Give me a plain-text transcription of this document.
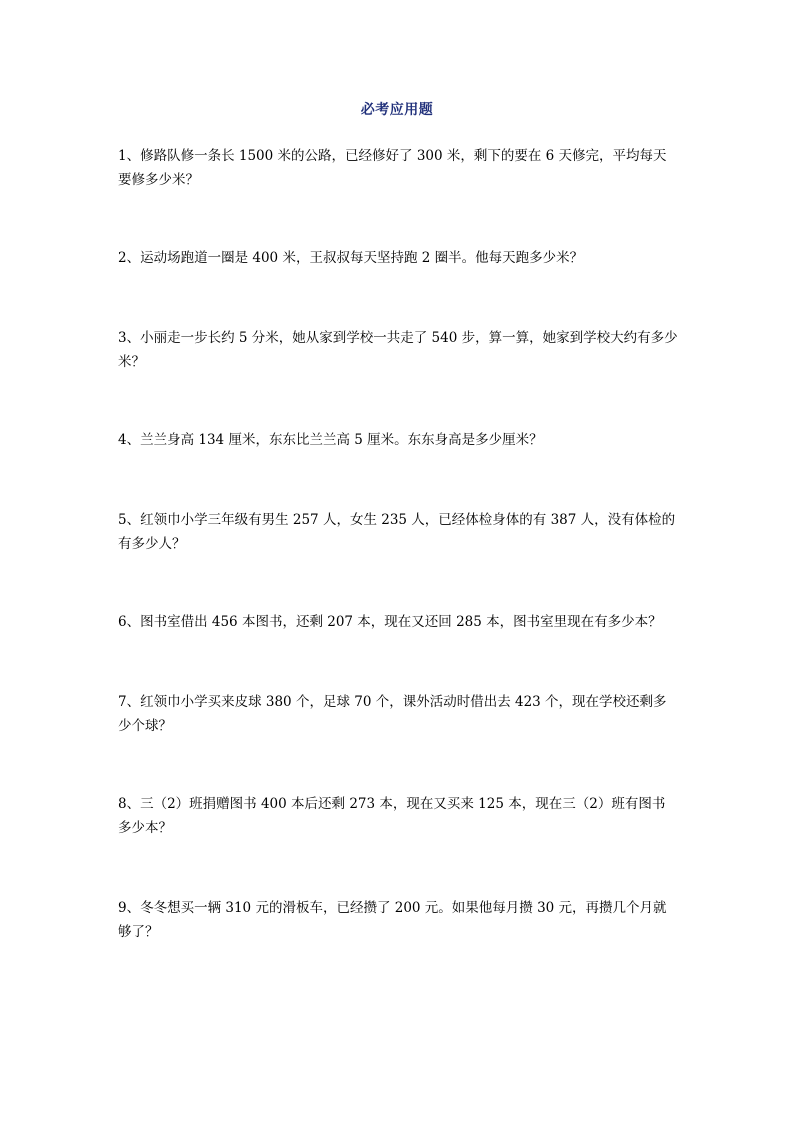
必考应用题
1、修路队修一条长 1500 米的公路，已经修好了 300 米，剩下的要在 6 天修完，平均每天要修多少米？
2、运动场跑道一圈是 400 米，王叔叔每天坚持跑 2 圈半。他每天跑多少米？
3、小丽走一步长约 5 分米，她从家到学校一共走了 540 步，算一算，她家到学校大约有多少米？
4、兰兰身高 134 厘米，东东比兰兰高 5 厘米。东东身高是多少厘米？
5、红领巾小学三年级有男生 257 人，女生 235 人，已经体检身体的有 387 人，没有体检的有多少人？
6、图书室借出 456 本图书，还剩 207 本，现在又还回 285 本，图书室里现在有多少本？
7、红领巾小学买来皮球 380 个，足球 70 个，课外活动时借出去 423 个，现在学校还剩多少个球？
8、三（2）班捐赠图书 400 本后还剩 273 本，现在又买来 125 本，现在三（2）班有图书多少本？
9、冬冬想买一辆 310 元的滑板车，已经攒了 200 元。如果他每月攒 30 元，再攒几个月就够了？
